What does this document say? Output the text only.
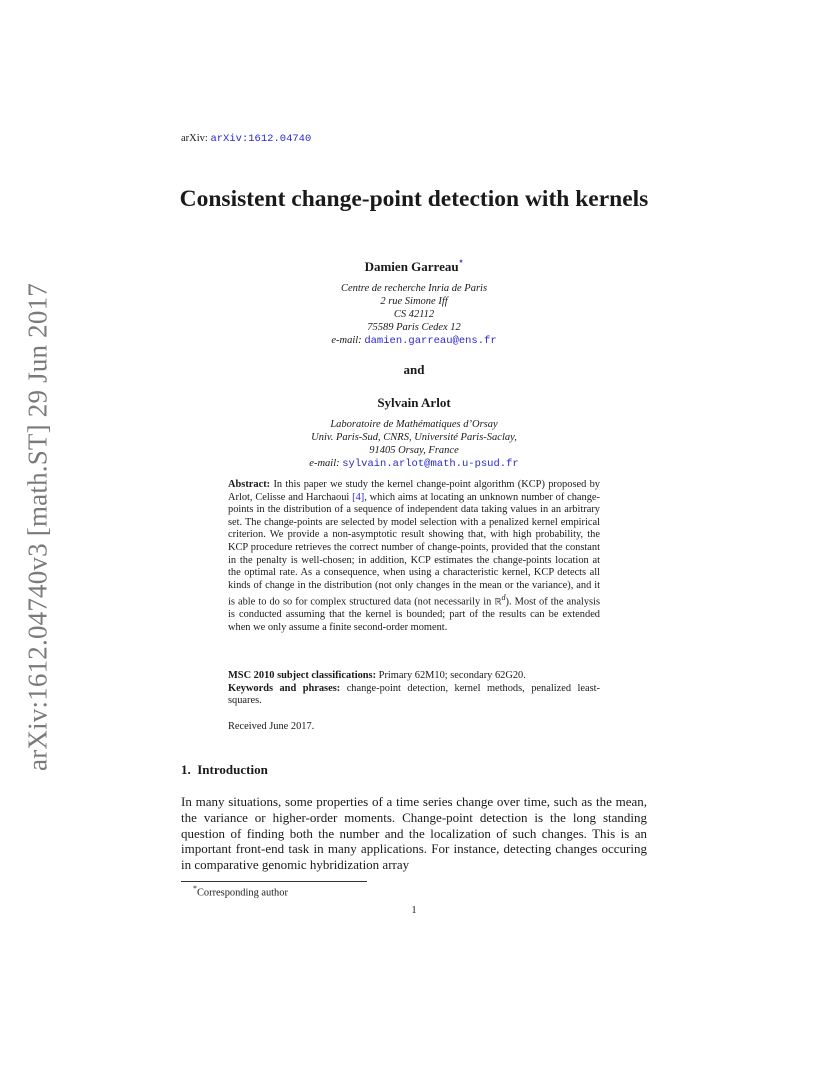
arXiv: arXiv:1612.04740
arXiv:1612.04740v3 [math.ST] 29 Jun 2017
Consistent change-point detection with kernels
Damien Garreau*
Centre de recherche Inria de Paris
2 rue Simone Iff
CS 42112
75589 Paris Cedex 12
e-mail: damien.garreau@ens.fr
and
Sylvain Arlot
Laboratoire de Mathématiques d’Orsay
Univ. Paris-Sud, CNRS, Université Paris-Saclay,
91405 Orsay, France
e-mail: sylvain.arlot@math.u-psud.fr
Abstract: In this paper we study the kernel change-point algorithm (KCP) proposed by Arlot, Celisse and Harchaoui [4], which aims at locating an unknown number of change-points in the distribution of a sequence of independent data taking values in an arbitrary set. The change-points are selected by model selection with a penalized kernel empirical criterion. We provide a non-asymptotic result showing that, with high probability, the KCP procedure retrieves the correct number of change-points, provided that the constant in the penalty is well-chosen; in addition, KCP estimates the change-points location at the optimal rate. As a consequence, when using a characteristic kernel, KCP detects all kinds of change in the distribution (not only changes in the mean or the variance), and it is able to do so for complex structured data (not necessarily in ℝ$^d$). Most of the analysis is conducted assuming that the kernel is bounded; part of the results can be extended when we only assume a finite second-order moment.
MSC 2010 subject classifications: Primary 62M10; secondary 62G20.
Keywords and phrases: change-point detection, kernel methods, penalized least-squares.
Received June 2017.
1. Introduction
In many situations, some properties of a time series change over time, such as the mean, the variance or higher-order moments. Change-point detection is the long standing question of finding both the number and the localization of such changes. This is an important front-end task in many applications. For instance, detecting changes occuring in comparative genomic hybridization array
*Corresponding author
1
